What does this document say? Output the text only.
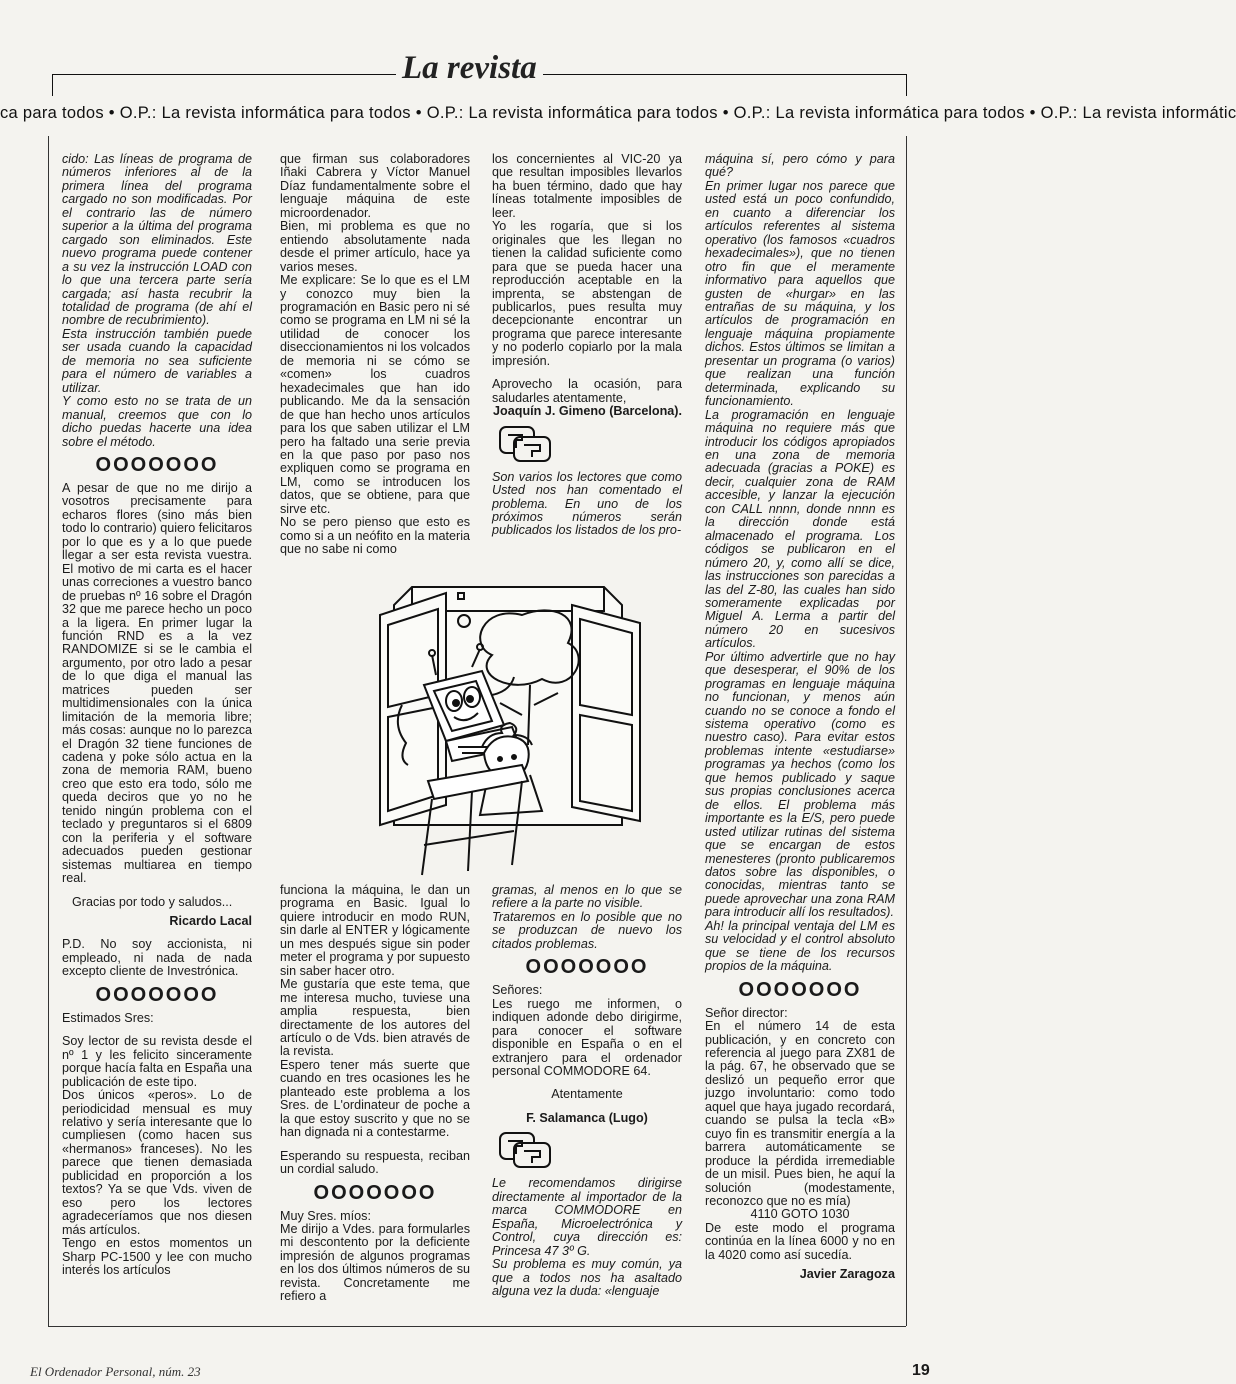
La revista
ca para todos • O.P.: La revista informática para todos • O.P.: La revista informática para todos • O.P.: La revista informática para todos • O.P.: La revista informátic

cido: Las líneas de programa de números inferiores al de la primera línea del programa cargado no son modificadas. Por el contrario las de número superior a la última del programa cargado son eliminados. Este nuevo programa puede contener a su vez la instrucción LOAD con lo que una tercera parte sería cargada; así hasta recubrir la totalidad de programa (de ahí el nombre de recubrimiento).

Esta instrucción también puede ser usada cuando la capacidad de memoria no sea suficiente para el número de variables a utilizar.

Y como esto no se trata de un manual, creemos que con lo dicho puedas hacerte una idea sobre el método.

OOOOOOO

A pesar de que no me dirijo a vosotros precisamente para echaros flores (sino más bien todo lo contrario) quiero felicitaros por lo que es y a lo que puede llegar a ser esta revista vuestra. El motivo de mi carta es el hacer unas correciones a vuestro banco de pruebas nº 16 sobre el Dragón 32 que me parece hecho un poco a la ligera. En primer lugar la función RND es a la vez RANDOMIZE si se le cambia el argumento, por otro lado a pesar de lo que diga el manual las matrices pueden ser multidimensionales con la única limitación de la memoria libre; más cosas: aunque no lo parezca el Dragón 32 tiene funciones de cadena y poke sólo actua en la zona de memoria RAM, bueno creo que esto era todo, sólo me queda deciros que yo no he tenido ningún problema con el teclado y preguntaros si el 6809 con la periferia y el software adecuados pueden gestionar sistemas multiarea en tiempo real.

Gracias por todo y saludos...

Ricardo Lacal

P.D. No soy accionista, ni empleado, ni nada de nada excepto cliente de Investrónica.

OOOOOOO

Estimados Sres:

Soy lector de su revista desde el nº 1 y les felicito sinceramente porque hacía falta en España una publicación de este tipo.

Dos únicos «peros». Lo de periodicidad mensual es muy relativo y sería interesante que lo cumpliesen (como hacen sus «hermanos» franceses). No les parece que tienen demasiada publicidad en proporción a los textos? Ya se que Vds. viven de eso pero los lectores agradeceríamos que nos diesen más artículos.

Tengo en estos momentos un Sharp PC-1500 y lee con mucho interés los artículos

que firman sus colaboradores Iñaki Cabrera y Víctor Manuel Díaz fundamentalmente sobre el lenguaje máquina de este microordenador.

Bien, mi problema es que no entiendo absolutamente nada desde el primer artículo, hace ya varios meses.

Me explicare: Se lo que es el LM y conozco muy bien la programación en Basic pero ni sé como se programa en LM ni sé la utilidad de conocer los diseccionamientos ni los volcados de memoria ni se cómo se «comen» los cuadros hexadecimales que han ido publicando. Me da la sensación de que han hecho unos artículos para los que saben utilizar el LM pero ha faltado una serie previa en la que paso por paso nos expliquen como se programa en LM, como se introducen los datos, que se obtiene, para que sirve etc.

No se pero pienso que esto es como si a un neófito en la materia que no sabe ni como

funciona la máquina, le dan un programa en Basic. Igual lo quiere introducir en modo RUN, sin darle al ENTER y lógicamente un mes después sigue sin poder meter el programa y por supuesto sin saber hacer otro.

Me gustaría que este tema, que me interesa mucho, tuviese una amplia respuesta, bien directamente de los autores del artículo o de Vds. bien através de la revista.

Espero tener más suerte que cuando en tres ocasiones les he planteado este problema a los Sres. de L'ordinateur de poche a la que estoy suscrito y que no se han dignada ni a contestarme.

Esperando su respuesta, reciban un cordial saludo.

OOOOOOO

Muy Sres. míos:

Me dirijo a Vdes. para formularles mi descontento por la deficiente impresión de algunos programas en los dos últimos números de su revista. Concretamente me refiero a

los concernientes al VIC-20 ya que resultan imposibles llevarlos ha buen término, dado que hay líneas totalmente imposibles de leer.

Yo les rogaría, que si los originales que les llegan no tienen la calidad suficiente como para que se pueda hacer una reproducción aceptable en la imprenta, se abstengan de publicarlos, pues resulta muy decepcionante encontrar un programa que parece interesante y no poderlo copiarlo por la mala impresión.

Aprovecho la ocasión, para saludarles atentamente,

Joaquín J. Gimeno (Barcelona).

Son varios los lectores que como Usted nos han comentado el problema. En uno de los próximos números serán publicados los listados de los pro-

gramas, al menos en lo que se refiere a la parte no visible.

Trataremos en lo posible que no se produzcan de nuevo los citados problemas.

OOOOOOO

Señores:

Les ruego me informen, o indiquen adonde debo dirigirme, para conocer el software disponible en España o en el extranjero para el ordenador personal COMMODORE 64.

Atentamente

F. Salamanca (Lugo)

Le recomendamos dirigirse directamente al importador de la marca COMMODORE en España, Microelectrónica y Control, cuya dirección es: Princesa 47 3º G.

Su problema es muy común, ya que a todos nos ha asaltado alguna vez la duda: «lenguaje

máquina sí, pero cómo y para qué?

En primer lugar nos parece que usted está un poco confundido, en cuanto a diferenciar los artículos referentes al sistema operativo (los famosos «cuadros hexadecimales»), que no tienen otro fin que el meramente informativo para aquellos que gusten de «hurgar» en las entrañas de su máquina, y los artículos de programación en lenguaje máquina propiamente dichos. Estos últimos se limitan a presentar un programa (o varios) que realizan una función determinada, explicando su funcionamiento.

La programación en lenguaje máquina no requiere más que introducir los códigos apropiados en una zona de memoria adecuada (gracias a POKE) es decir, cualquier zona de RAM accesible, y lanzar la ejecución con CALL nnnn, donde nnnn es la dirección donde está almacenado el programa. Los códigos se publicaron en el número 20, y, como allí se dice, las instrucciones son parecidas a las del Z-80, las cuales han sido someramente explicadas por Miguel A. Lerma a partir del número 20 en sucesivos artículos.

Por último advertirle que no hay que desesperar, el 90% de los programas en lenguaje máquina no funcionan, y menos aún cuando no se conoce a fondo el sistema operativo (como es nuestro caso). Para evitar estos problemas intente «estudiarse» programas ya hechos (como los que hemos publicado y saque sus propias conclusiones acerca de ellos. El problema más importante es la E/S, pero puede usted utilizar rutinas del sistema que se encargan de estos menesteres (pronto publicaremos datos sobre las disponibles, o conocidas, mientras tanto se puede aprovechar una zona RAM para introducir allí los resultados).

Ah! la principal ventaja del LM es su velocidad y el control absoluto que se tiene de los recursos propios de la máquina.

OOOOOOO

Señor director:

En el número 14 de esta publicación, y en concreto con referencia al juego para ZX81 de la pág. 67, he observado que se deslizó un pequeño error que juzgo involuntario: como todo aquel que haya jugado recordará, cuando se pulsa la tecla «B» cuyo fin es transmitir energía a la barrera automáticamente se produce la pérdida irremediable de un misil. Pues bien, he aquí la solución (modestamente, reconozco que no es mía)

4110 GOTO 1030

De este modo el programa continúa en la línea 6000 y no en la 4020 como así sucedía.

Javier Zaragoza

El Ordenador Personal, núm. 23	19
